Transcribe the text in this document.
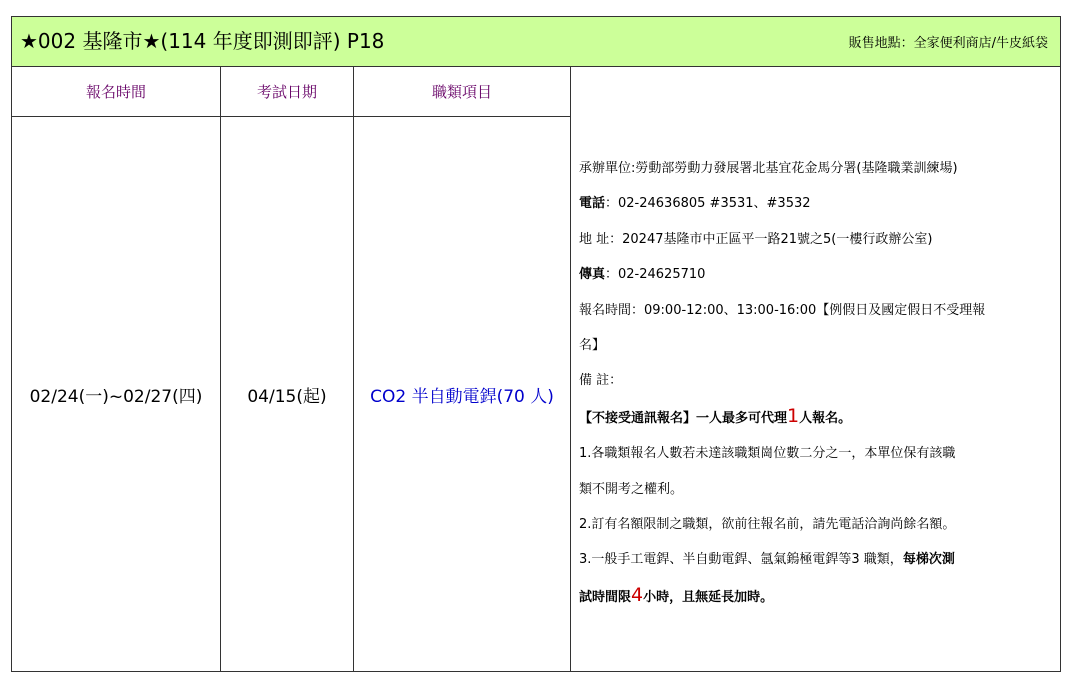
★002 基隆市★(114 年度即測即評) P18	販售地點：全家便利商店/牛皮紙袋
報名時間	考試日期	職類項目
02/24(一)~02/27(四)	04/15(起)	CO2 半自動電銲(70 人)

承辦單位:勞動部勞動力發展署北基宜花金馬分署(基隆職業訓練場)

電話：02-24636805 #3531、#3532

地 址：20247基隆市中正區平一路21號之5(一樓行政辦公室)

傳真：02-24625710

報名時間：09:00-12:00、13:00-16:00【例假日及國定假日不受理報

名】

備 註：

【不接受通訊報名】一人最多可代理1人報名。

1.各職類報名人數若未達該職類崗位數二分之一，本單位保有該職

類不開考之權利。

2.訂有名額限制之職類，欲前往報名前，請先電話洽詢尚餘名額。

3.一般手工電銲、半自動電銲、氬氣鎢極電銲等3 職類，每梯次測

試時間限4小時，且無延長加時。
